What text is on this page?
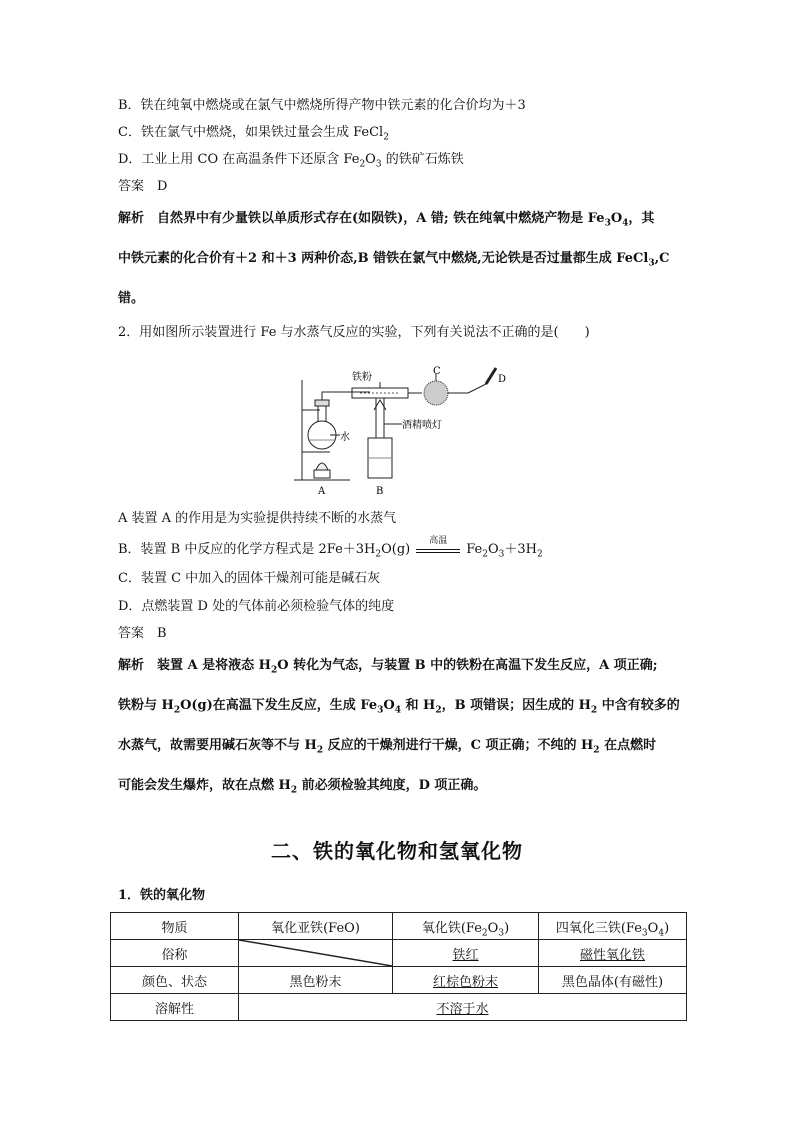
B．铁在纯氧中燃烧或在氯气中燃烧所得产物中铁元素的化合价均为＋3
C．铁在氯气中燃烧，如果铁过量会生成 FeCl$_2$
D．工业上用 CO 在高温条件下还原含 $Fe_2O_3$ 的铁矿石炼铁
答案　D
解析　自然界中有少量铁以单质形式存在(如陨铁)，A 错; 铁在纯氧中燃烧产物是 $Fe_3O_4$，其
中铁元素的化合价有＋2 和＋3 两种价态,B 错铁在氯气中燃烧,无论铁是否过量都生成 FeCl$_3$,C
错。
2．用如图所示装置进行 Fe 与水蒸气反应的实验，下列有关说法不正确的是(　　)
铁粉
C
D
水
酒精喷灯
A	B
A 装置 A 的作用是为实验提供持续不断的水蒸气
B．装置 B 中反应的化学方程式是 $2Fe+3H_2O(g)$
高温
$Fe_2O_3+3H_2$
C．装置 C 中加入的固体干燥剂可能是碱石灰
D．点燃装置 D 处的气体前必须检验气体的纯度
答案　B
解析　装置 A 是将液态 $H_2O$ 转化为气态，与装置 B 中的铁粉在高温下发生反应，A 项正确;
铁粉与 $H_2O(g)$在高温下发生反应，生成 $Fe_3O_4$ 和 $H_2$，B 项错误；因生成的 $H_2$ 中含有较多的
水蒸气，故需要用碱石灰等不与 $H_2$ 反应的干燥剂进行干燥，C 项正确；不纯的 $H_2$ 在点燃时
可能会发生爆炸，故在点燃 $H_2$ 前必须检验其纯度，D 项正确。
二、铁的氧化物和氢氧化物
1．铁的氧化物
物质	氧化亚铁(FeO)	氧化铁$(Fe_2O_3)$	四氧化三铁$(Fe_3O_4)$
俗称		铁红	磁性氧化铁
颜色、状态	黑色粉末	红棕色粉末	黑色晶体(有磁性)
溶解性	不溶于水		
